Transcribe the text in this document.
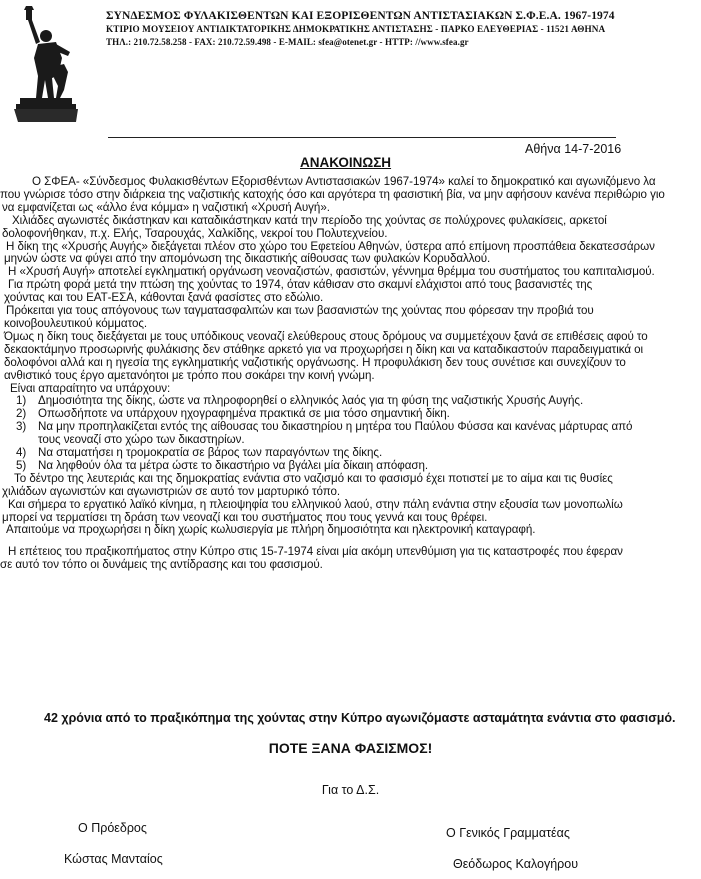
ΣΥΝΔΕΣΜΟΣ ΦΥΛΑΚΙΣΘΕΝΤΩΝ ΚΑΙ ΕΞΟΡΙΣΘΕΝΤΩΝ ΑΝΤΙΣΤΑΣΙΑΚΩΝ Σ.Φ.Ε.Α. 1967-1974
ΚΤΙΡΙΟ ΜΟΥΣΕΙΟΥ ΑΝΤΙΔΙΚΤΑΤΟΡΙΚΗΣ ΔΗΜΟΚΡΑΤΙΚΗΣ ΑΝΤΙΣΤΑΣΗΣ - ΠΑΡΚΟ ΕΛΕΥΘΕΡΙΑΣ - 11521 ΑΘΗΝΑ
ΤΗΛ.: 210.72.58.258 - FAX: 210.72.59.498 - E-MAIL: sfea@otenet.gr - HTTP: //www.sfea.gr
Αθήνα 14-7-2016
ΑΝΑΚΟΙΝΩΣΗ

Ο ΣΦΕΑ- «Σύνδεσμος Φυλακισθέντων Εξορισθέντων Αντιστασιακών 1967-1974» καλεί το δημοκρατικό και αγωνιζόμενο λα

που γνώρισε τόσο στην διάρκεια της ναζιστικής κατοχής όσο και αργότερα τη φασιστική βία, να μην αφήσουν κανένα περιθώριο γιο

να εμφανίζεται ως «άλλο ένα κόμμα» η ναζιστική «Χρυσή Αυγή».

Χιλιάδες αγωνιστές δικάστηκαν και καταδικάστηκαν κατά την περίοδο της χούντας σε πολύχρονες φυλακίσεις, αρκετοί

δολοφονήθηκαν, π.χ. Ελής, Τσαρουχάς, Χαλκίδης, νεκροί του Πολυτεχνείου.

Η δίκη της «Χρυσής Αυγής» διεξάγεται πλέον στο χώρο του Εφετείου Αθηνών, ύστερα από επίμονη προσπάθεια δεκατεσσάρων

μηνών ώστε να φύγει από την απομόνωση της δικαστικής αίθουσας των φυλακών Κορυδαλλού.

Η «Χρυσή Αυγή» αποτελεί εγκληματική οργάνωση νεοναζιστών, φασιστών, γέννημα θρέμμα του συστήματος του καπιταλισμού.

Για πρώτη φορά μετά την πτώση της χούντας το 1974, όταν κάθισαν στο σκαμνί ελάχιστοι από τους βασανιστές της

χούντας και του ΕΑΤ-ΕΣΑ, κάθονται ξανά φασίστες στο εδώλιο.

Πρόκειται για τους απόγονους των ταγματασφαλιτών και των βασανιστών της χούντας που φόρεσαν την προβιά του

κοινοβουλευτικού κόμματος.

Όμως η δίκη τους διεξάγεται με τους υπόδικους νεοναζί ελεύθερους στους δρόμους να συμμετέχουν ξανά σε επιθέσεις αφού το

δεκαοκτάμηνο προσωρινής φυλάκισης δεν στάθηκε αρκετό για να προχωρήσει η δίκη και να καταδικαστούν παραδειγματικά οι

δολοφόνοι αλλά και η ηγεσία της εγκληματικής ναζιστικής οργάνωσης. Η προφυλάκιση δεν τους συνέτισε και συνεχίζουν το

ανθιστικό τους έργο αμετανόητοι με τρόπο που σοκάρει την κοινή γνώμη.

Είναι απαραίτητο να υπάρχουν:

1)	Δημοσιότητα της δίκης, ώστε να πληροφορηθεί ο ελληνικός λαός για τη φύση της ναζιστικής Χρυσής Αυγής.
2)	Οπωσδήποτε να υπάρχουν ηχογραφημένα πρακτικά σε μια τόσο σημαντική δίκη.
3)	Να μην προπηλακίζεται εντός της αίθουσας του δικαστηρίου η μητέρα του Παύλου Φύσσα και κανένας μάρτυρας από
τους νεοναζί στο χώρο των δικαστηρίων.
4)	Να σταματήσει η τρομοκρατία σε βάρος των παραγόντων της δίκης.
5)	Να ληφθούν όλα τα μέτρα ώστε το δικαστήριο να βγάλει μία δίκαιη απόφαση.

Το δέντρο της λευτεριάς και της δημοκρατίας ενάντια στο ναζισμό και το φασισμό έχει ποτιστεί με το αίμα και τις θυσίες

χιλιάδων αγωνιστών και αγωνιστριών σε αυτό τον μαρτυρικό τόπο.

Και σήμερα το εργατικό λαϊκό κίνημα, η πλειοψηφία του ελληνικού λαού, στην πάλη ενάντια στην εξουσία των μονοπωλίω

μπορεί να τερματίσει τη δράση των νεοναζί και του συστήματος που τους γεννά και τους θρέφει.

Απαιτούμε να προχωρήσει η δίκη χωρίς κωλυσιεργία με πλήρη δημοσιότητα και ηλεκτρονική καταγραφή.

Η επέτειος του πραξικοπήματος στην Κύπρο στις 15-7-1974 είναι μία ακόμη υπενθύμιση για τις καταστροφές που έφεραν

σε αυτό τον τόπο οι δυνάμεις της αντίδρασης και του φασισμού.

42 χρόνια από το πραξικόπημα της χούντας στην Κύπρο αγωνιζόμαστε ασταμάτητα ενάντια στο φασισμό.
ΠΟΤΕ ΞΑΝΑ ΦΑΣΙΣΜΟΣ!
Για το Δ.Σ.
Ο Πρόεδρος
Κώστας Μανταίος
Ο Γενικός Γραμματέας
Θεόδωρος Καλογήρου
